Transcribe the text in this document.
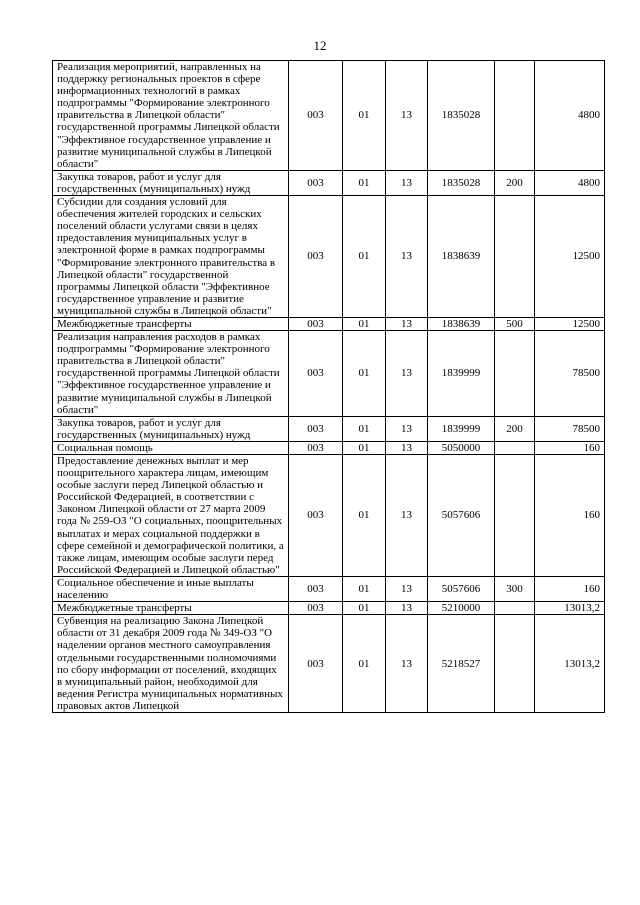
12
Реализация мероприятий, направленных на поддержку региональных проектов в сфере информационных технологий в рамках подпрограммы "Формирование электронного правительства в Липецкой области" государственной программы Липецкой области "Эффективное государственное управление и развитие муниципальной службы в Липецкой области"	003	01	13	1835028		4800
Закупка товаров, работ и услуг для государственных (муниципальных) нужд	003	01	13	1835028	200	4800
Субсидии для создания условий для обеспечения жителей городских и сельских поселений области услугами связи в целях предоставления муниципальных услуг в электронной форме в рамках подпрограммы "Формирование электронного правительства в Липецкой области" государственной программы Липецкой области "Эффективное государственное управление и развитие муниципальной службы в Липецкой области"	003	01	13	1838639		12500
Межбюджетные трансферты	003	01	13	1838639	500	12500
Реализация направления расходов в рамках подпрограммы "Формирование электронного правительства в Липецкой области" государственной программы Липецкой области "Эффективное государственное управление и развитие муниципальной службы в Липецкой области"	003	01	13	1839999		78500
Закупка товаров, работ и услуг для государственных (муниципальных) нужд	003	01	13	1839999	200	78500
Социальная помощь	003	01	13	5050000		160
Предоставление денежных выплат и мер поощрительного характера лицам, имеющим особые заслуги перед Липецкой областью и Российской Федерацией, в соответствии с Законом Липецкой области от 27 марта 2009 года № 259-ОЗ "О социальных, поощрительных выплатах и мерах социальной поддержки в сфере семейной и демографической политики, а также лицам, имеющим особые заслуги перед Российской Федерацией и Липецкой областью"	003	01	13	5057606		160
Социальное обеспечение и иные выплаты населению	003	01	13	5057606	300	160
Межбюджетные трансферты	003	01	13	5210000		13013,2
Субвенция на реализацию Закона Липецкой области от 31 декабря 2009 года № 349-ОЗ "О наделении органов местного самоуправления отдельными государственными полномочиями по сбору информации от поселений, входящих в муниципальный район, необходимой для ведения Регистра муниципальных нормативных правовых актов Липецкой	003	01	13	5218527		13013,2
